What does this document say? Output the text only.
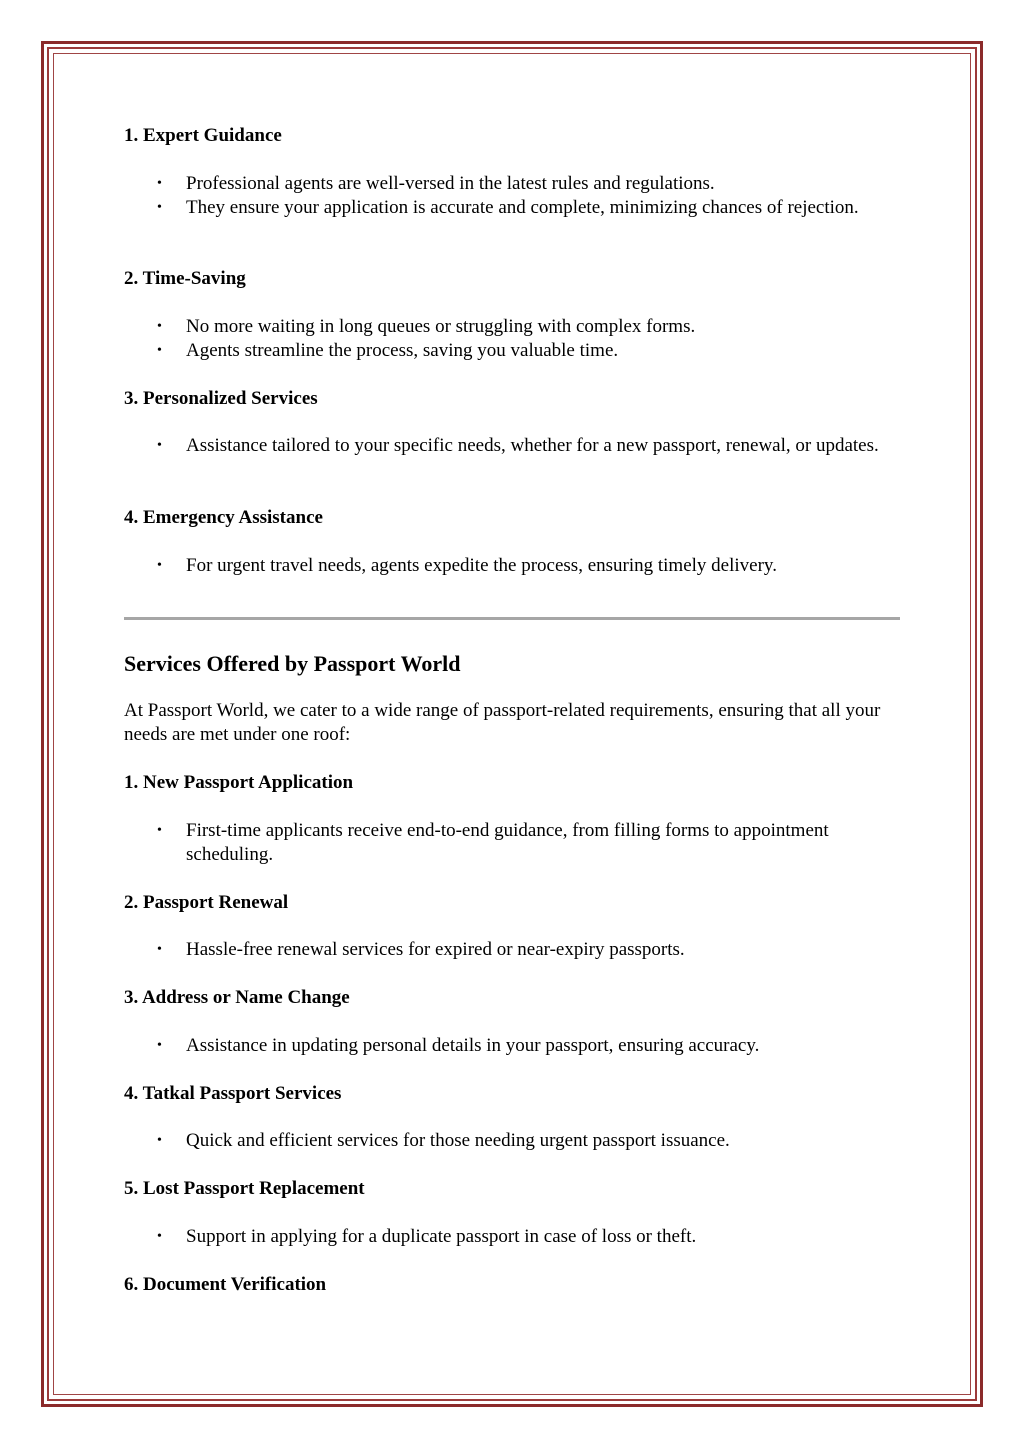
1. Expert Guidance
• Professional agents are well-versed in the latest rules and regulations.
• They ensure your application is accurate and complete, minimizing chances of rejection.
2. Time-Saving
• No more waiting in long queues or struggling with complex forms.
• Agents streamline the process, saving you valuable time.
3. Personalized Services
• Assistance tailored to your specific needs, whether for a new passport, renewal, or updates.
4. Emergency Assistance
• For urgent travel needs, agents expedite the process, ensuring timely delivery.
Services Offered by Passport World
At Passport World, we cater to a wide range of passport-related requirements, ensuring that all your needs are met under one roof:
1. New Passport Application
• First-time applicants receive end-to-end guidance, from filling forms to appointment scheduling.
2. Passport Renewal
• Hassle-free renewal services for expired or near-expiry passports.
3. Address or Name Change
• Assistance in updating personal details in your passport, ensuring accuracy.
4. Tatkal Passport Services
• Quick and efficient services for those needing urgent passport issuance.
5. Lost Passport Replacement
• Support in applying for a duplicate passport in case of loss or theft.
6. Document Verification
